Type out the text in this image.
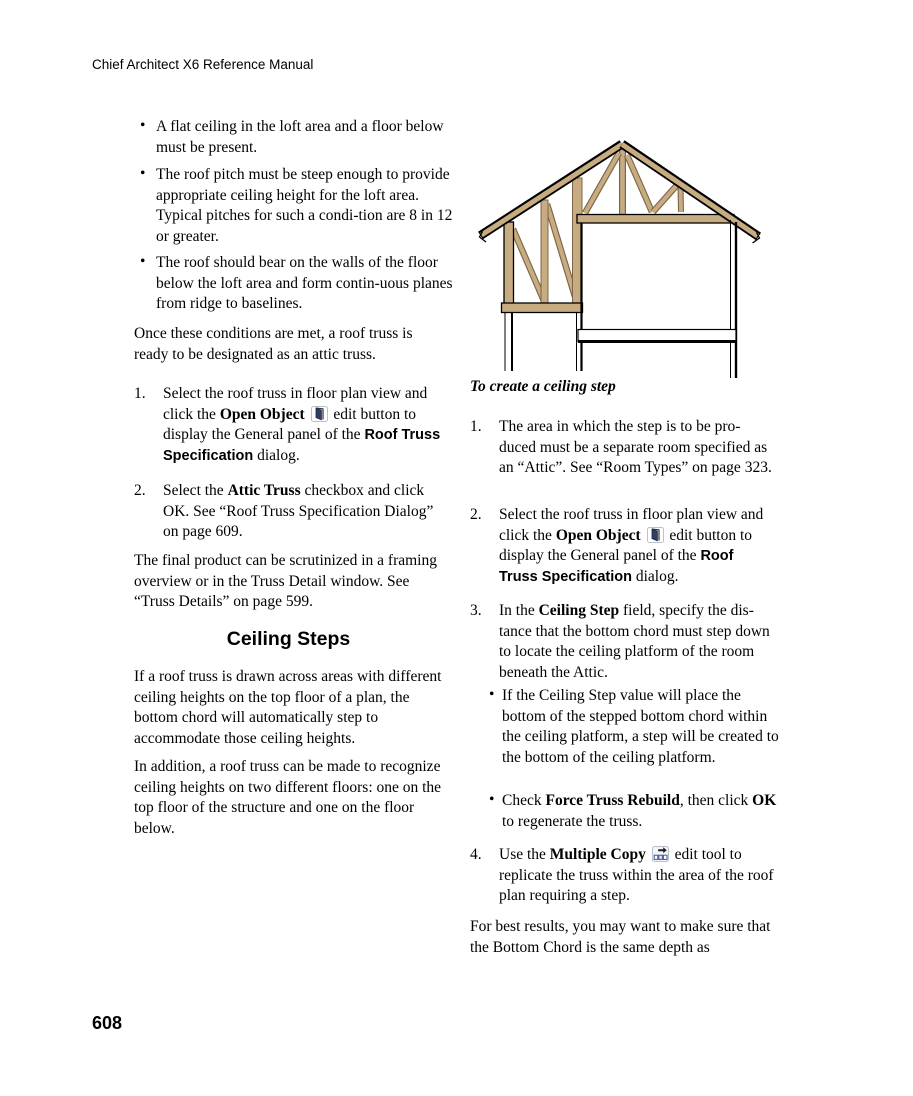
Chief Architect X6 Reference Manual
• A flat ceiling in the loft area and a floor below must be present.
• The roof pitch must be steep enough to provide appropriate ceiling height for the loft area. Typical pitches for such a condi-tion are 8 in 12 or greater.
• The roof should bear on the walls of the floor below the loft area and form contin-uous planes from ridge to baselines.
Once these conditions are met, a roof truss is ready to be designated as an attic truss.
1. Select the roof truss in floor plan view and click the Open Object  edit button to display the General panel of the Roof Truss Specification dialog.
2. Select the Attic Truss checkbox and click OK. See “Roof Truss Specification Dialog” on page 609.
The final product can be scrutinized in a framing overview or in the Truss Detail window. See “Truss Details” on page 599.
Ceiling Steps
If a roof truss is drawn across areas with different ceiling heights on the top floor of a plan, the bottom chord will automatically step to accommodate those ceiling heights.
In addition, a roof truss can be made to recognize ceiling heights on two different floors: one on the top floor of the structure and one on the floor below.
To create a ceiling step
1. The area in which the step is to be pro-duced must be a separate room specified as an “Attic”. See “Room Types” on page 323.
2. Select the roof truss in floor plan view and click the Open Object  edit button to display the General panel of the Roof Truss Specification dialog.
3. In the Ceiling Step field, specify the dis-tance that the bottom chord must step down to locate the ceiling platform of the room beneath the Attic.
• If the Ceiling Step value will place the bottom of the stepped bottom chord within the ceiling platform, a step will be created to the bottom of the ceiling platform.
• Check Force Truss Rebuild, then click OK to regenerate the truss.
4. Use the Multiple Copy  edit tool to replicate the truss within the area of the roof plan requiring a step.
For best results, you may want to make sure that the Bottom Chord is the same depth as
608
